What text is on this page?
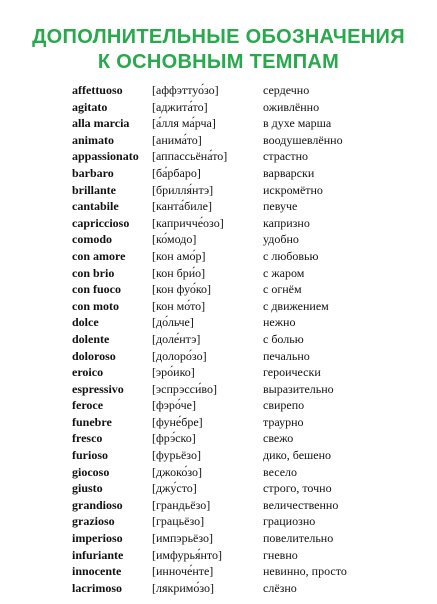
ДОПОЛНИТЕЛЬНЫЕ ОБОЗНАЧЕНИЯ
К ОСНОВНЫМ ТЕМПАМ
affettuoso [аффэттуо́зо]	сердечно
agitato	[аджита́то]	оживлённо
alla marcia [а́лля ма́рча]	в духе марша
animato	[анима́то]	воодушевлённо
appassionato [аппассьёна́то]	страстно
barbaro	[ба́рбаро]	варварски
brillante	[брилля́нтэ]	искромётно
cantabile	[канта́биле]	певуче
capriccioso [капричче́озо]	капризно
comodo	[ко́модо]	удобно
con amore [кон амо́р]	с любовью
con brio	[кон бри́о]	с жаром
con fuoco	[кон фуо́ко]	с огнём
con moto	[кон мо́то]	с движением
dolce	[до́льче]	нежно
dolente	[доле́нтэ]	с болью
doloroso	[долоро́зо]	печально
eroico	[эро́ико]	героически
espressivo [эспрэсси́во]	выразительно
feroce	[фэро́че]	свирепо
funebre	[фуне́бре]	траурно
fresco	[фрэ́ско]	свежо
furioso	[фурьёзо]	дико, бешено
giocoso	[джоко́зо]	весело
giusto	[джу́сто]	строго, точно
grandioso [грандьёзо]	величественно
grazioso	[грацьёзо]	грациозно
imperioso [импэрьёзо]	повелительно
infuriante [имфурья́нто]	гневно
innocente	[инноче́нте]	невинно, просто
lacrimoso	[лякримо́зо]	слёзно
